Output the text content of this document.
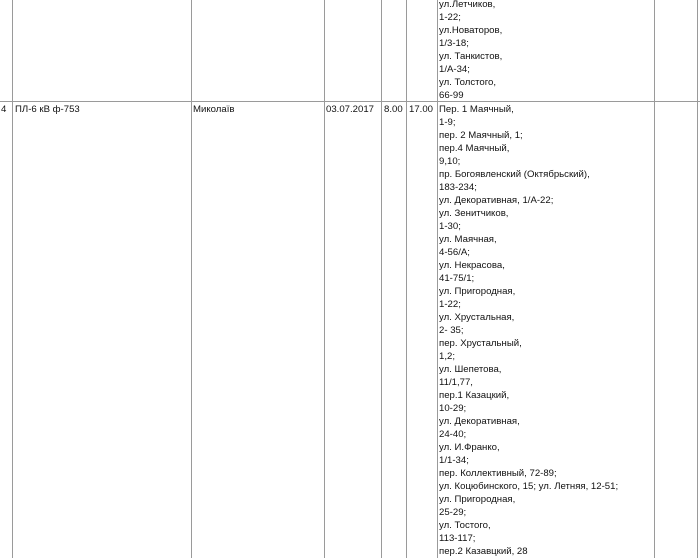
ул.Летчиков,
1-22;
ул.Новаторов,
1/3-18;
ул. Танкистов,
1/А-34;
ул. Толстого,
66-99
4 ПЛ-6 кВ ф-753	Миколаїв	03.07.2017 8.00 17.00 Пер. 1 Маячный,
1-9;
пер. 2 Маячный, 1;
пер.4 Маячный,
9,10;
пр. Богоявленский (Октябрьский),
183-234;
ул. Декоративная, 1/А-22;
ул. Зенитчиков,
1-30;
ул. Маячная,
4-56/А;
ул. Некрасова,
41-75/1;
ул. Пригородная,
1-22;
ул. Хрустальная,
2- 35;
пер. Хрустальный,
1,2;
ул. Шепетова,
11/1,77,
пер.1 Казацкий,
10-29;
ул. Декоративная,
24-40;
ул. И.Франко,
1/1-34;
пер. Коллективный, 72-89;
ул. Коцюбинского, 15; ул. Летняя, 12-51;
ул. Пригородная,
25-29;
ул. Тостого,
113-117;
пер.2 Казавцкий, 28
